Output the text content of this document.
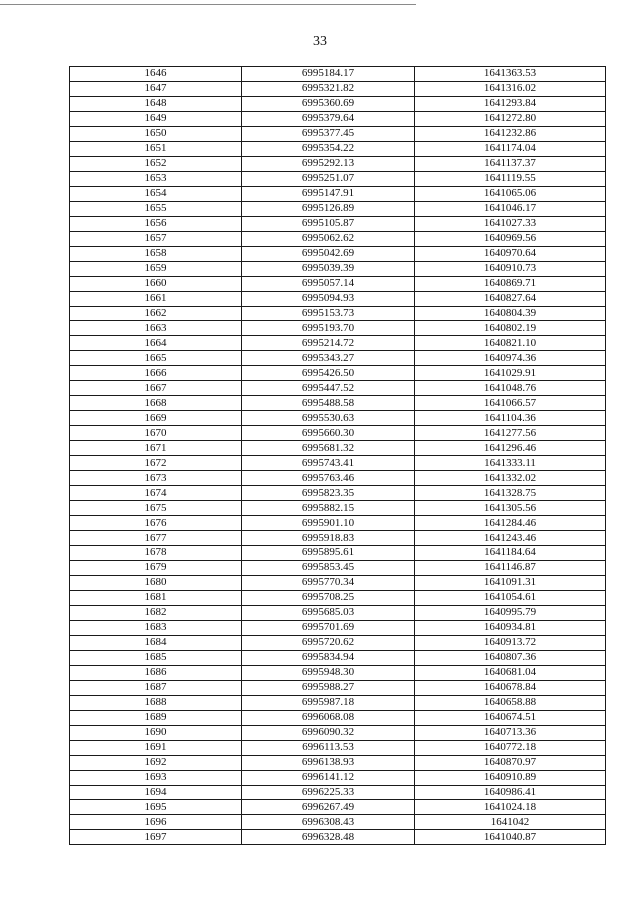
33
1646	6995184.17	1641363.53
1647	6995321.82	1641316.02
1648	6995360.69	1641293.84
1649	6995379.64	1641272.80
1650	6995377.45	1641232.86
1651	6995354.22	1641174.04
1652	6995292.13	1641137.37
1653	6995251.07	1641119.55
1654	6995147.91	1641065.06
1655	6995126.89	1641046.17
1656	6995105.87	1641027.33
1657	6995062.62	1640969.56
1658	6995042.69	1640970.64
1659	6995039.39	1640910.73
1660	6995057.14	1640869.71
1661	6995094.93	1640827.64
1662	6995153.73	1640804.39
1663	6995193.70	1640802.19
1664	6995214.72	1640821.10
1665	6995343.27	1640974.36
1666	6995426.50	1641029.91
1667	6995447.52	1641048.76
1668	6995488.58	1641066.57
1669	6995530.63	1641104.36
1670	6995660.30	1641277.56
1671	6995681.32	1641296.46
1672	6995743.41	1641333.11
1673	6995763.46	1641332.02
1674	6995823.35	1641328.75
1675	6995882.15	1641305.56
1676	6995901.10	1641284.46
1677	6995918.83	1641243.46
1678	6995895.61	1641184.64
1679	6995853.45	1641146.87
1680	6995770.34	1641091.31
1681	6995708.25	1641054.61
1682	6995685.03	1640995.79
1683	6995701.69	1640934.81
1684	6995720.62	1640913.72
1685	6995834.94	1640807.36
1686	6995948.30	1640681.04
1687	6995988.27	1640678.84
1688	6995987.18	1640658.88
1689	6996068.08	1640674.51
1690	6996090.32	1640713.36
1691	6996113.53	1640772.18
1692	6996138.93	1640870.97
1693	6996141.12	1640910.89
1694	6996225.33	1640986.41
1695	6996267.49	1641024.18
1696	6996308.43	1641042
1697	6996328.48	1641040.87
